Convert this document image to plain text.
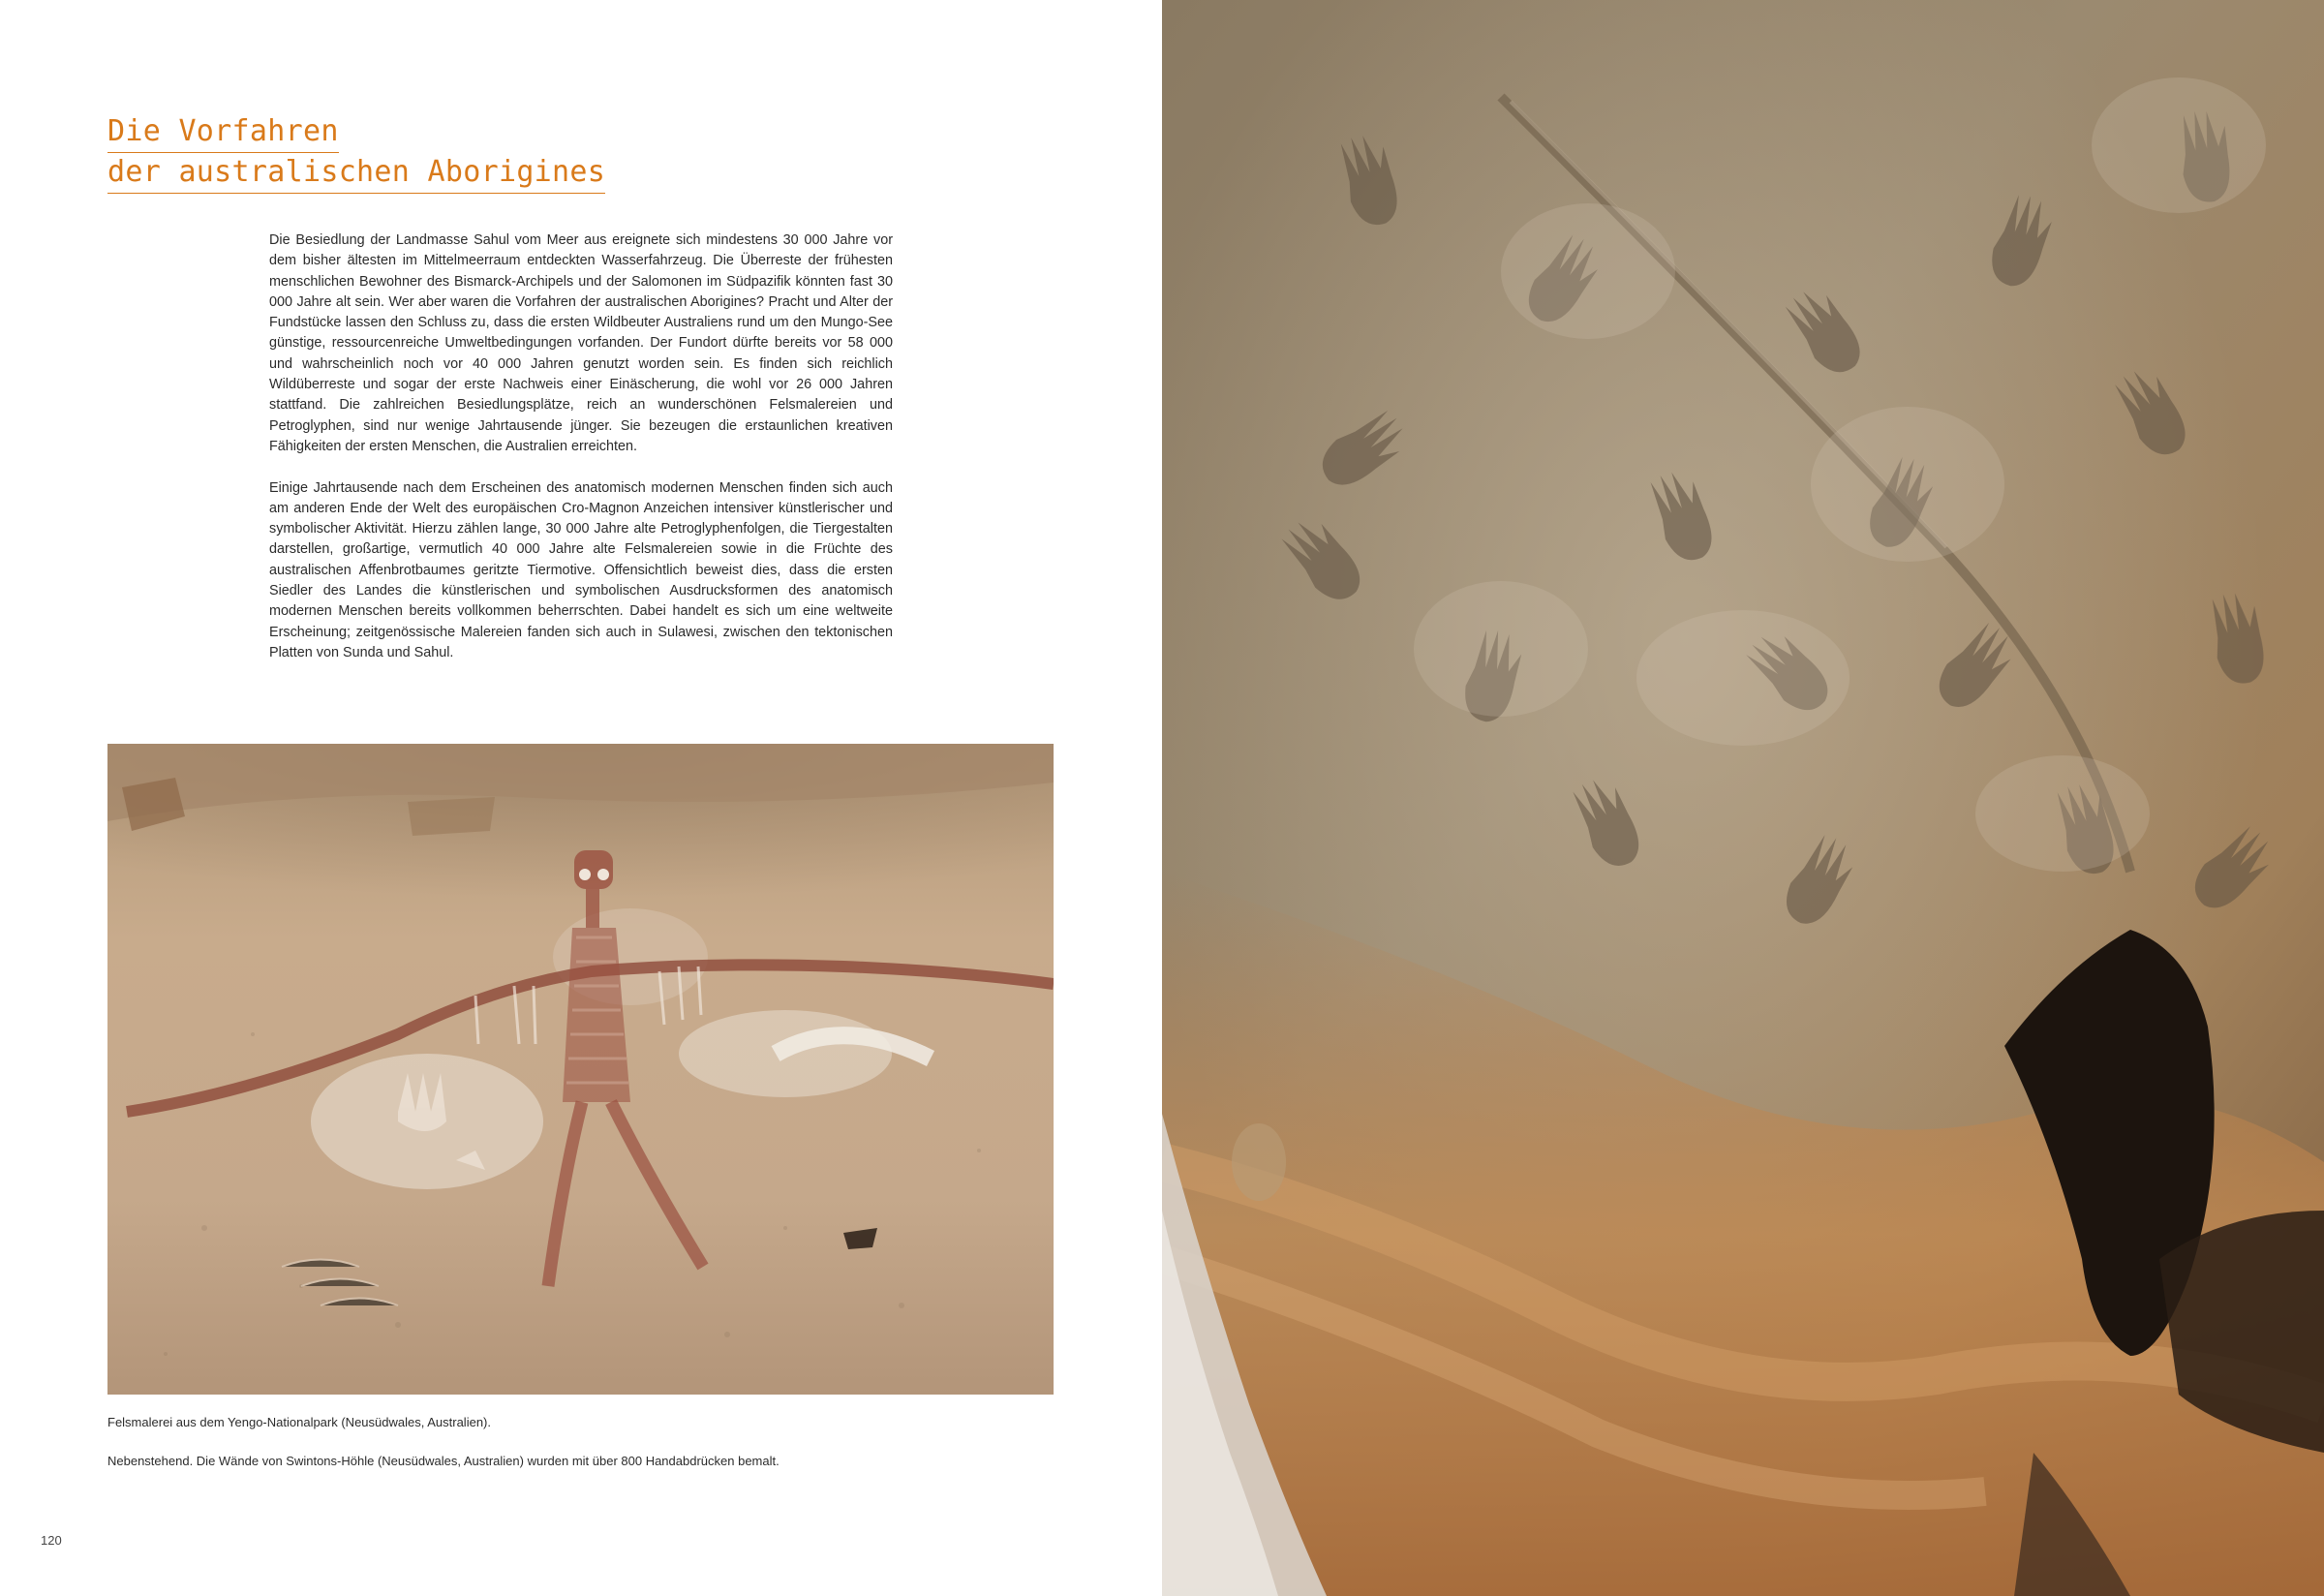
Die Vorfahren
der australischen Aborigines

Die Besiedlung der Landmasse Sahul vom Meer aus ereignete sich mindestens 30 000 Jahre vor dem bisher ältesten im Mittelmeerraum entdeckten Wasserfahrzeug. Die Überreste der frühesten menschlichen Bewohner des Bismarck-Archipels und der Salomonen im Südpazifik könnten fast 30 000 Jahre alt sein. Wer aber waren die Vorfahren der australischen Aborigines? Pracht und Alter der Fundstücke lassen den Schluss zu, dass die ersten Wildbeuter Australiens rund um den Mungo-See günstige, ressourcenreiche Umweltbedingungen vorfanden. Der Fundort dürfte bereits vor 58 000 und wahrscheinlich noch vor 40 000 Jahren genutzt worden sein. Es finden sich reichlich Wildüberreste und sogar der erste Nachweis einer Einäscherung, die wohl vor 26 000 Jahren stattfand. Die zahlreichen Besiedlungsplätze, reich an wunderschönen Felsmalereien und Petroglyphen, sind nur wenige Jahrtausende jünger. Sie bezeugen die erstaunlichen kreativen Fähigkeiten der ersten Menschen, die Australien erreichten.

Einige Jahrtausende nach dem Erscheinen des anatomisch modernen Menschen finden sich auch am anderen Ende der Welt des europäischen Cro-Magnon Anzeichen intensiver künstlerischer und symbolischer Aktivität. Hierzu zählen lange, 30 000 Jahre alte Petroglyphenfolgen, die Tiergestalten darstellen, großartige, vermutlich 40 000 Jahre alte Felsmalereien sowie in die Früchte des australischen Affenbrotbaumes geritzte Tiermotive. Offensichtlich beweist dies, dass die ersten Siedler des Landes die künstlerischen und symbolischen Ausdrucksformen des anatomisch modernen Menschen bereits vollkommen beherrschten. Dabei handelt es sich um eine weltweite Erscheinung; zeitgenössische Malereien fanden sich auch in Sulawesi, zwischen den tektonischen Platten von Sunda und Sahul.

Felsmalerei aus dem Yengo-Nationalpark (Neusüdwales, Australien).
Nebenstehend. Die Wände von Swintons-Höhle (Neusüdwales, Australien) wurden mit über 800 Handabdrücken bemalt.
120
